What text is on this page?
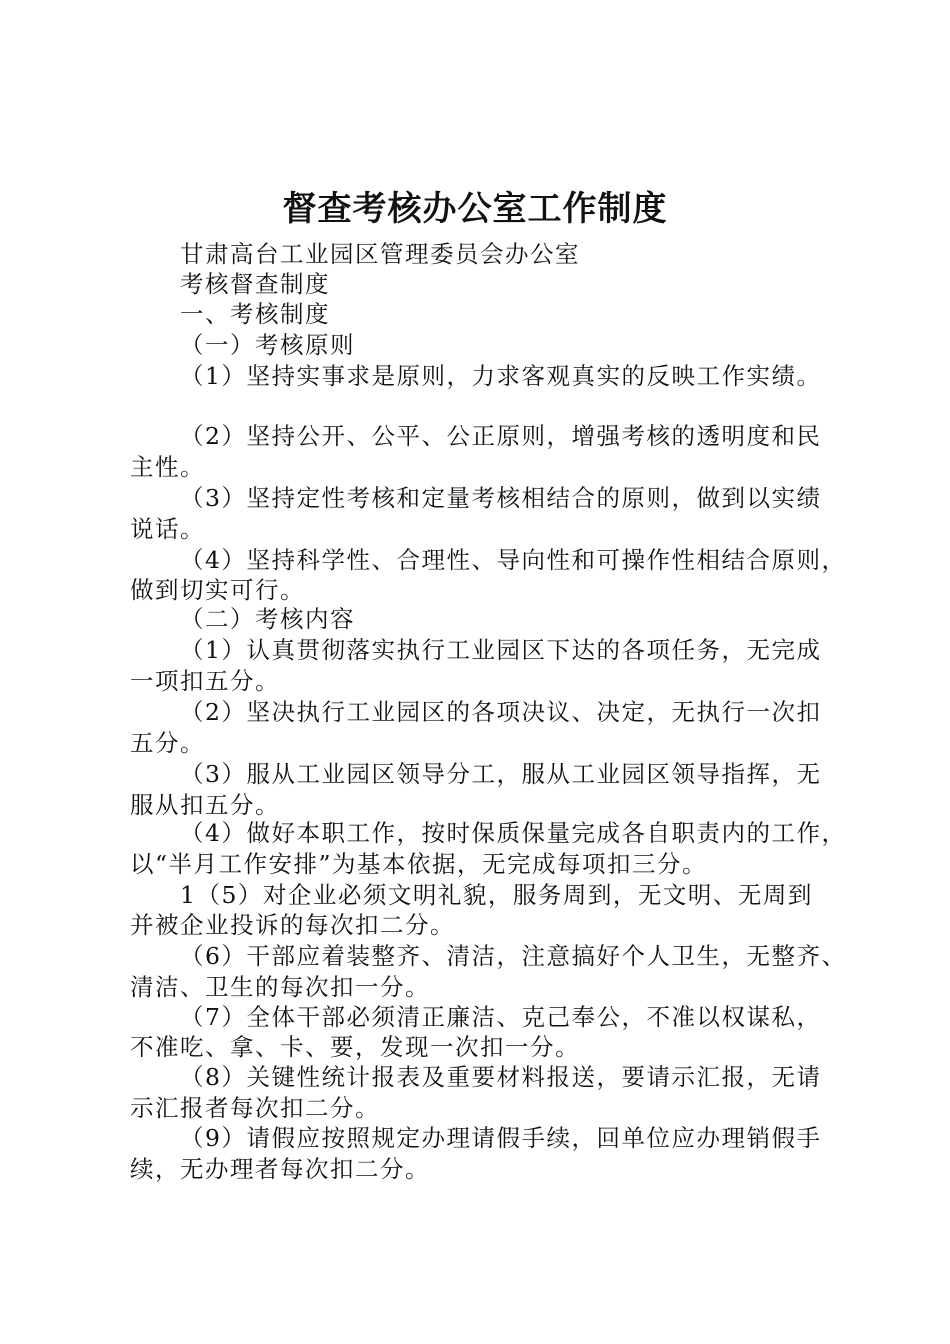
督查考核办公室工作制度
甘肃高台工业园区管理委员会办公室
考核督查制度
一、考核制度
（一）考核原则
（1）坚持实事求是原则，力求客观真实的反映工作实绩。
（2）坚持公开、公平、公正原则，增强考核的透明度和民
主性。
（3）坚持定性考核和定量考核相结合的原则，做到以实绩
说话。
（4）坚持科学性、合理性、导向性和可操作性相结合原则，
做到切实可行。
（二）考核内容
（1）认真贯彻落实执行工业园区下达的各项任务，无完成
一项扣五分。
（2）坚决执行工业园区的各项决议、决定，无执行一次扣
五分。
（3）服从工业园区领导分工，服从工业园区领导指挥，无
服从扣五分。
（4）做好本职工作，按时保质保量完成各自职责内的工作，
以“半月工作安排”为基本依据，无完成每项扣三分。
1（5）对企业必须文明礼貌，服务周到，无文明、无周到
并被企业投诉的每次扣二分。
（6）干部应着装整齐、清洁，注意搞好个人卫生，无整齐、
清洁、卫生的每次扣一分。
（7）全体干部必须清正廉洁、克己奉公，不准以权谋私，
不准吃、拿、卡、要，发现一次扣一分。
（8）关键性统计报表及重要材料报送，要请示汇报，无请
示汇报者每次扣二分。
（9）请假应按照规定办理请假手续，回单位应办理销假手
续，无办理者每次扣二分。
